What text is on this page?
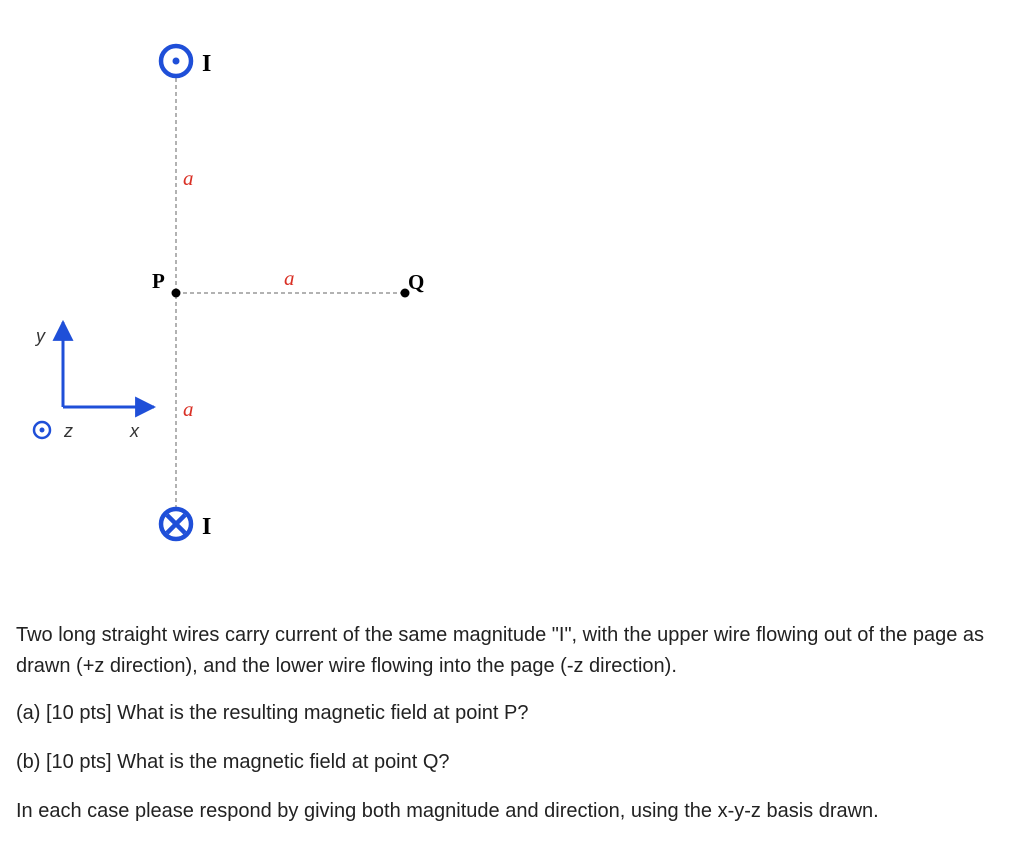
I
I
a
a
a
P	Q
y
x
z

Two long straight wires carry current of the same magnitude "I", with the upper wire flowing out of the page as drawn (+z direction), and the lower wire flowing into the page (-z direction).

(a) [10 pts] What is the resulting magnetic field at point P?

(b) [10 pts] What is the magnetic field at point Q?

In each case please respond by giving both magnitude and direction, using the x-y-z basis drawn.
